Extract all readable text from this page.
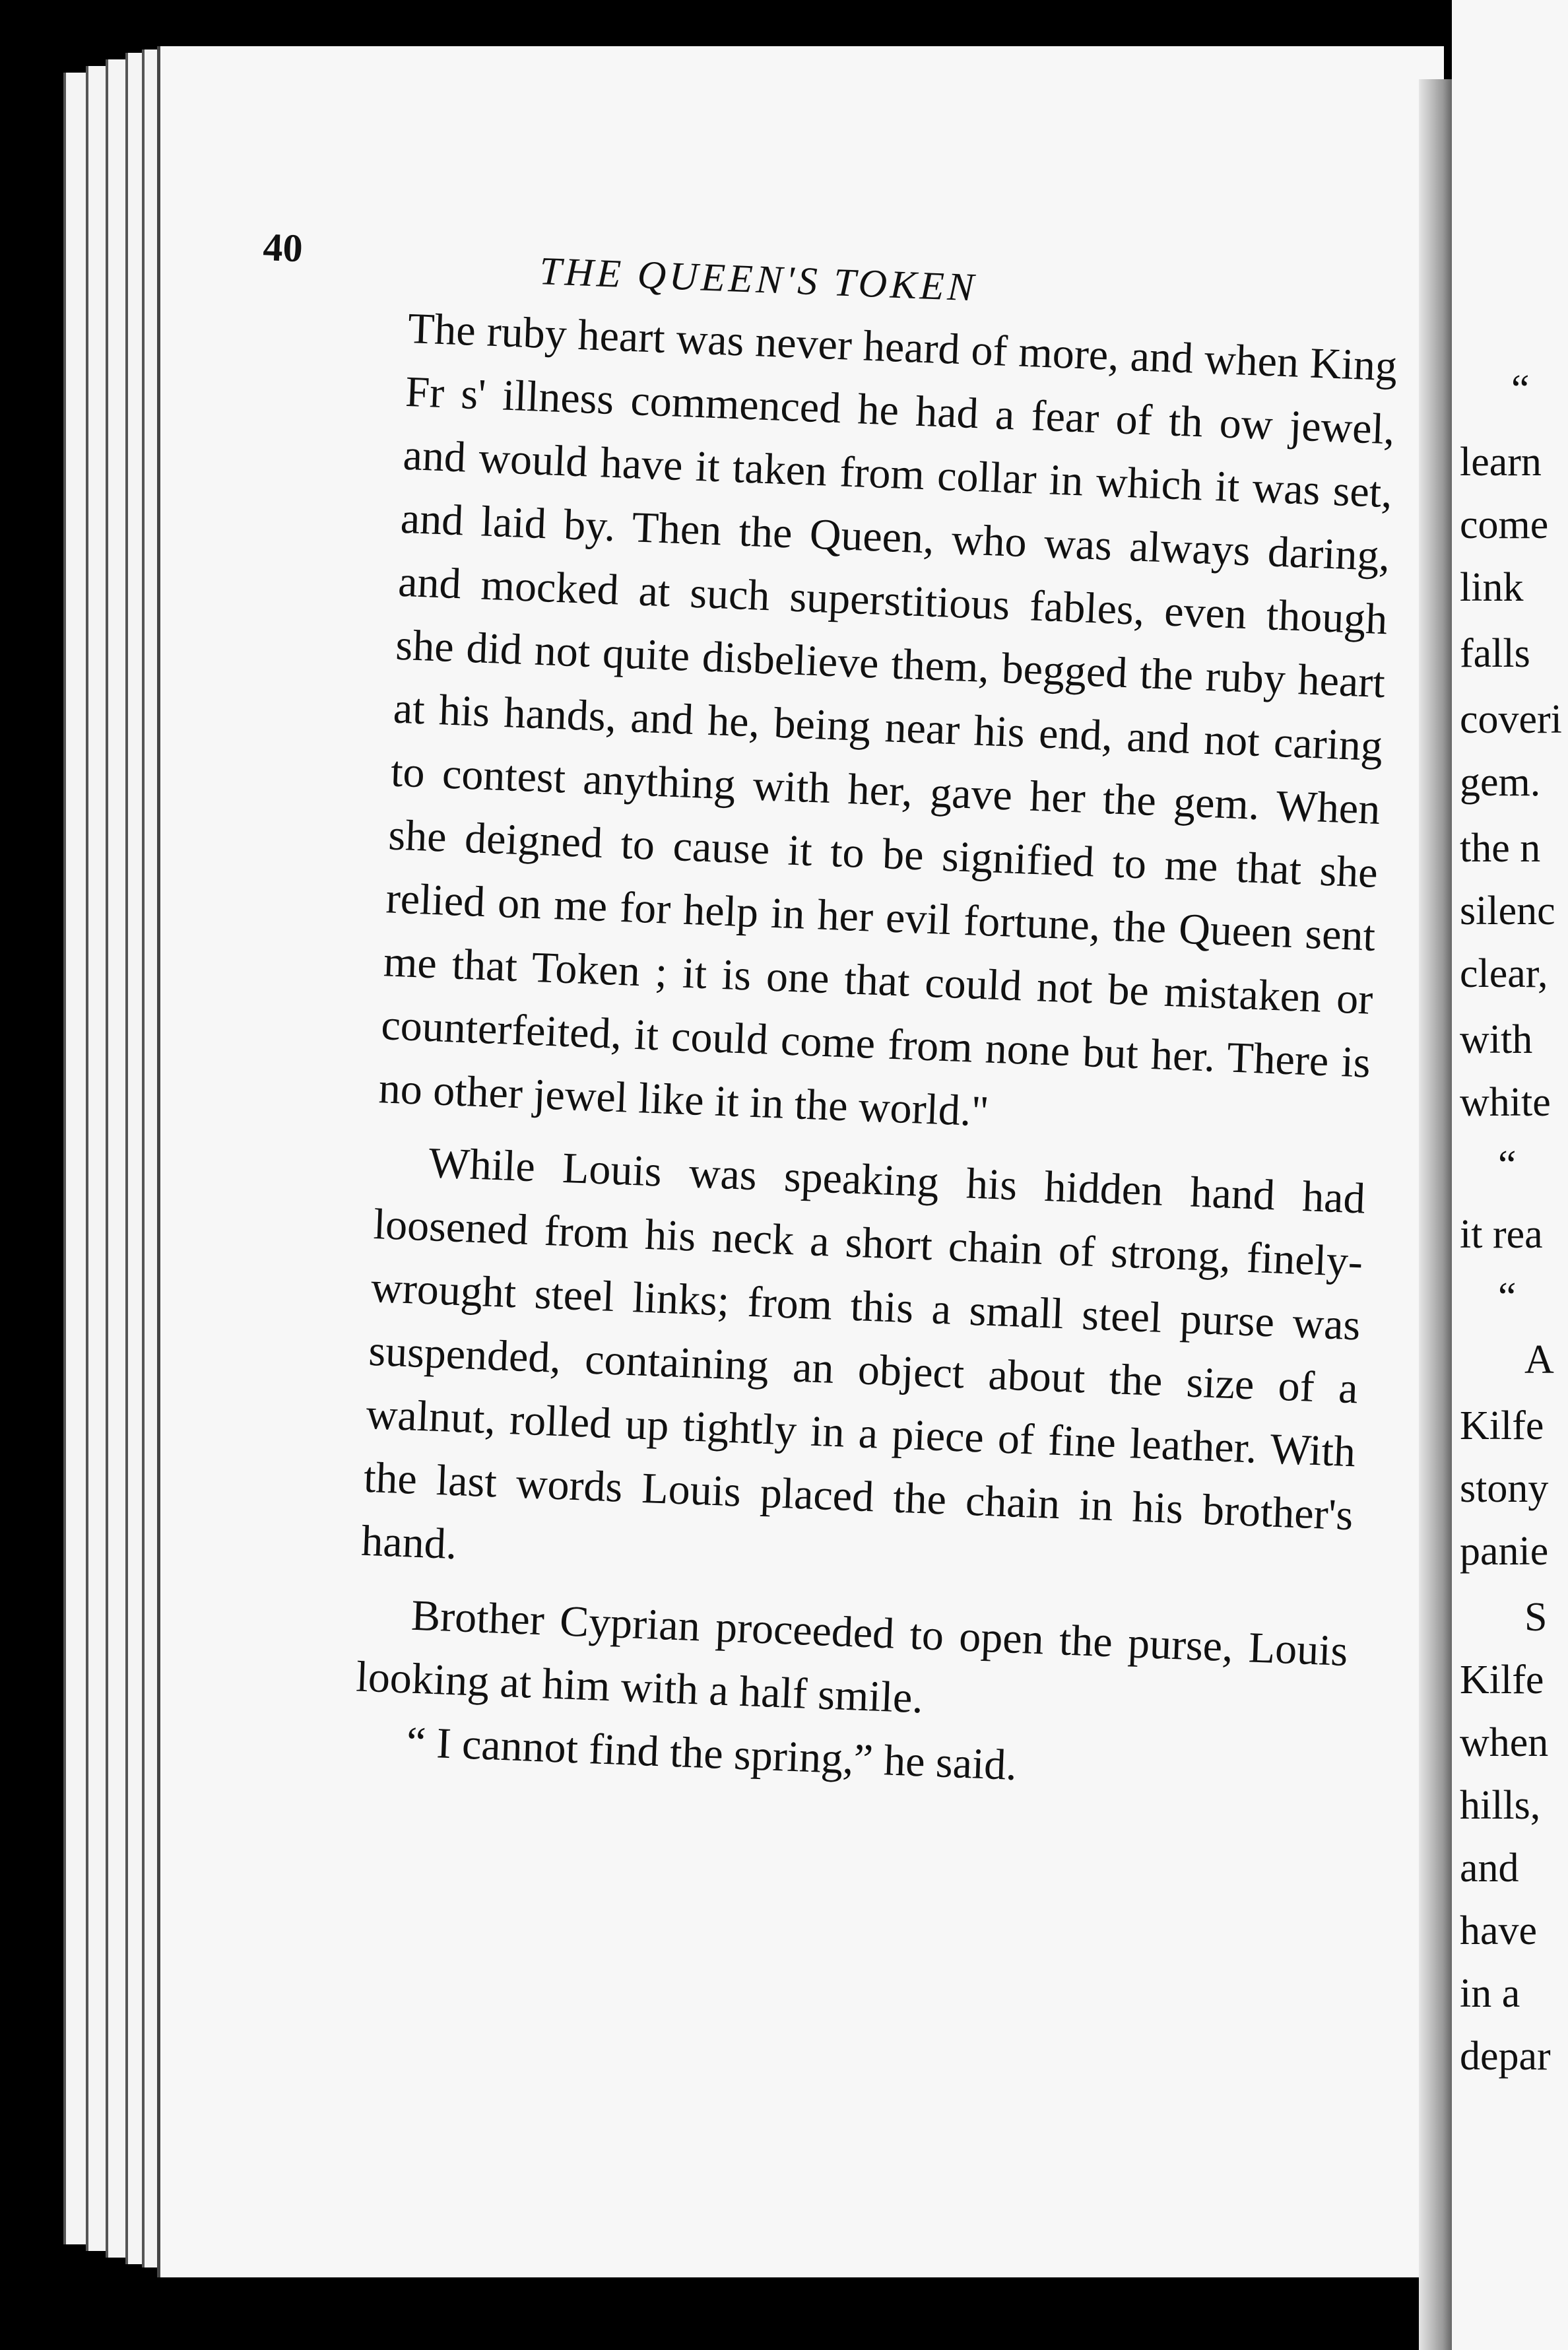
40
THE QUEEN'S TOKEN

The ruby heart was never heard of more, and when King Fr s' illness commenced he had a fear of th ow jewel, and would have it taken from collar in which it was set, and laid by. Then the Queen, who was always daring, and mocked at such superstitious fables, even though she did not quite disbelieve them, begged the ruby heart at his hands, and he, being near his end, and not caring to contest anything with her, gave her the gem. When she deigned to cause it to be signified to me that she relied on me for help in her evil fortune, the Queen sent me that Token ; it is one that could not be mistaken or counterfeited, it could come from none but her. There is no other jewel like it in the world."

While Louis was speaking his hidden hand had loosened from his neck a short chain of strong, finely-wrought steel links; from this a small steel purse was suspended, containing an object about the size of a walnut, rolled up tightly in a piece of fine leather. With the last words Louis placed the chain in his brother's hand.

Brother Cyprian proceeded to open the purse, Louis looking at him with a half smile.

“ I cannot find the spring,” he said.

“
learn
come
link
falls
coveri
gem.
the n
silenc
clear,
with
white
“
it rea
“
A
Kilfe
stony
panie
S
Kilfe
when
hills,
and
have
in a
depar
